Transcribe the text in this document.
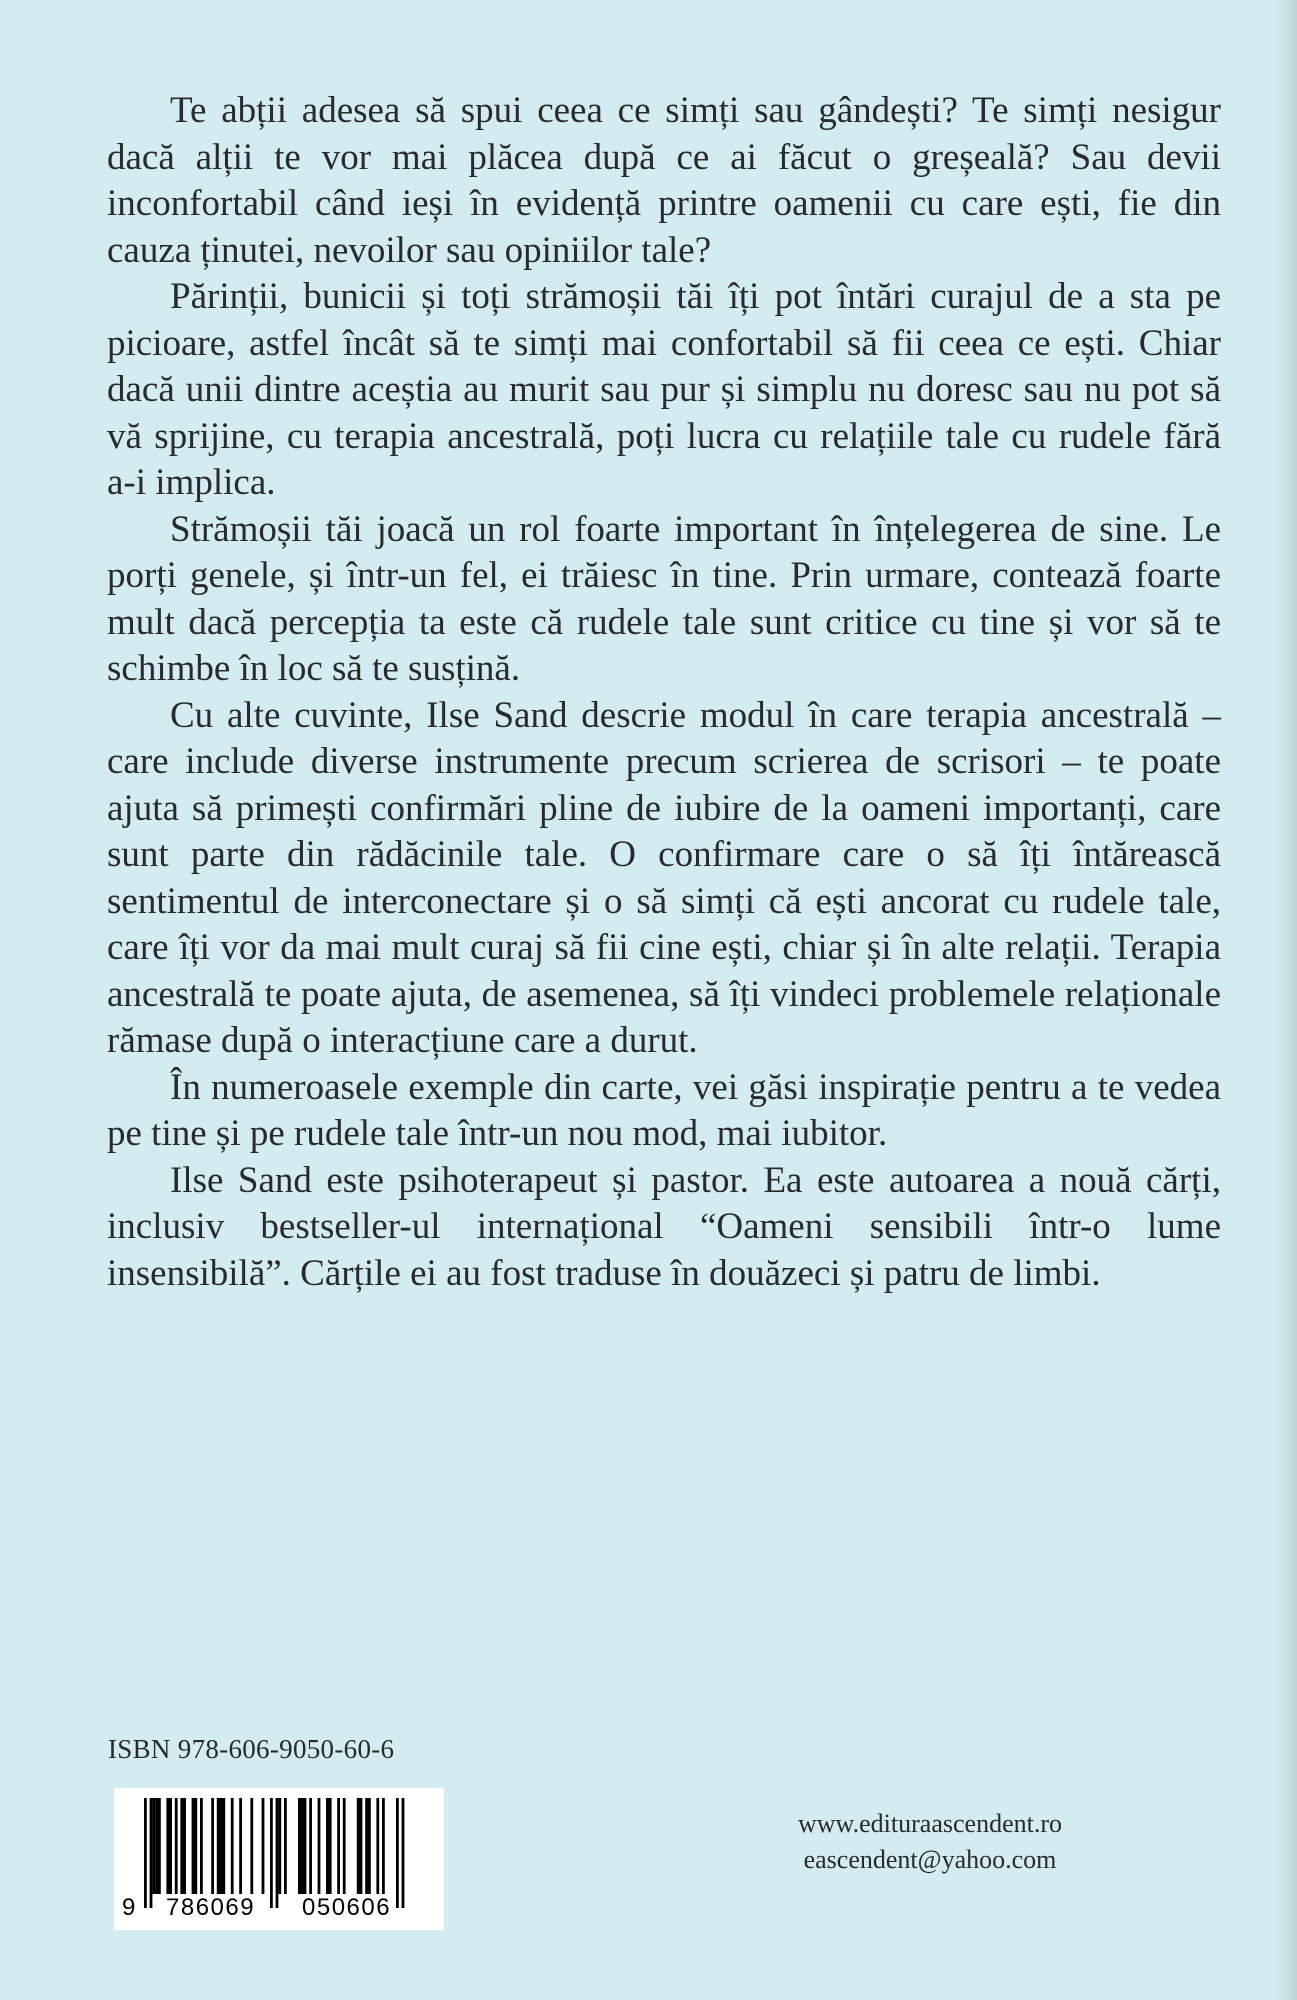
Te abții adesea să spui ceea ce simți sau gândești? Te simți nesigur dacă alții te vor mai plăcea după ce ai făcut o greșeală? Sau devii inconfortabil când ieși în evidență printre oamenii cu care ești, fie din cauza ținutei, nevoilor sau opiniilor tale?

Părinții, bunicii și toți strămoșii tăi îți pot întări curajul de a sta pe picioare, astfel încât să te simți mai confortabil să fii ceea ce ești. Chiar dacă unii dintre aceștia au murit sau pur și simplu nu doresc sau nu pot să vă sprijine, cu terapia ancestrală, poți lucra cu relațiile tale cu rudele fără a-i implica.

Strămoșii tăi joacă un rol foarte important în înțelegerea de sine. Le porți genele, și într-un fel, ei trăiesc în tine. Prin urmare, contează foarte mult dacă percepția ta este că rudele tale sunt critice cu tine și vor să te schimbe în loc să te susțină.

Cu alte cuvinte, Ilse Sand descrie modul în care terapia ancestrală – care include diverse instrumente precum scrierea de scrisori – te poate ajuta să primești confirmări pline de iubire de la oameni importanți, care sunt parte din rădăcinile tale. O confirmare care o să îți întărească sentimentul de interconectare și o să simți că ești ancorat cu rudele tale, care îți vor da mai mult curaj să fii cine ești, chiar și în alte relații. Terapia ancestrală te poate ajuta, de asemenea, să îți vindeci problemele relaționale rămase după o interacțiune care a durut.

În numeroasele exemple din carte, vei găsi inspirație pentru a te vedea pe tine și pe rudele tale într-un nou mod, mai iubitor.

Ilse Sand este psihoterapeut și pastor. Ea este autoarea a nouă cărți, inclusiv bestseller-ul internațional “Oameni sensibili într-o lume insensibilă”. Cărțile ei au fost traduse în douăzeci și patru de limbi.

ISBN 978-606-9050-60-6
9 786069 050606
www.edituraascendent.ro
eascendent@yahoo.com
